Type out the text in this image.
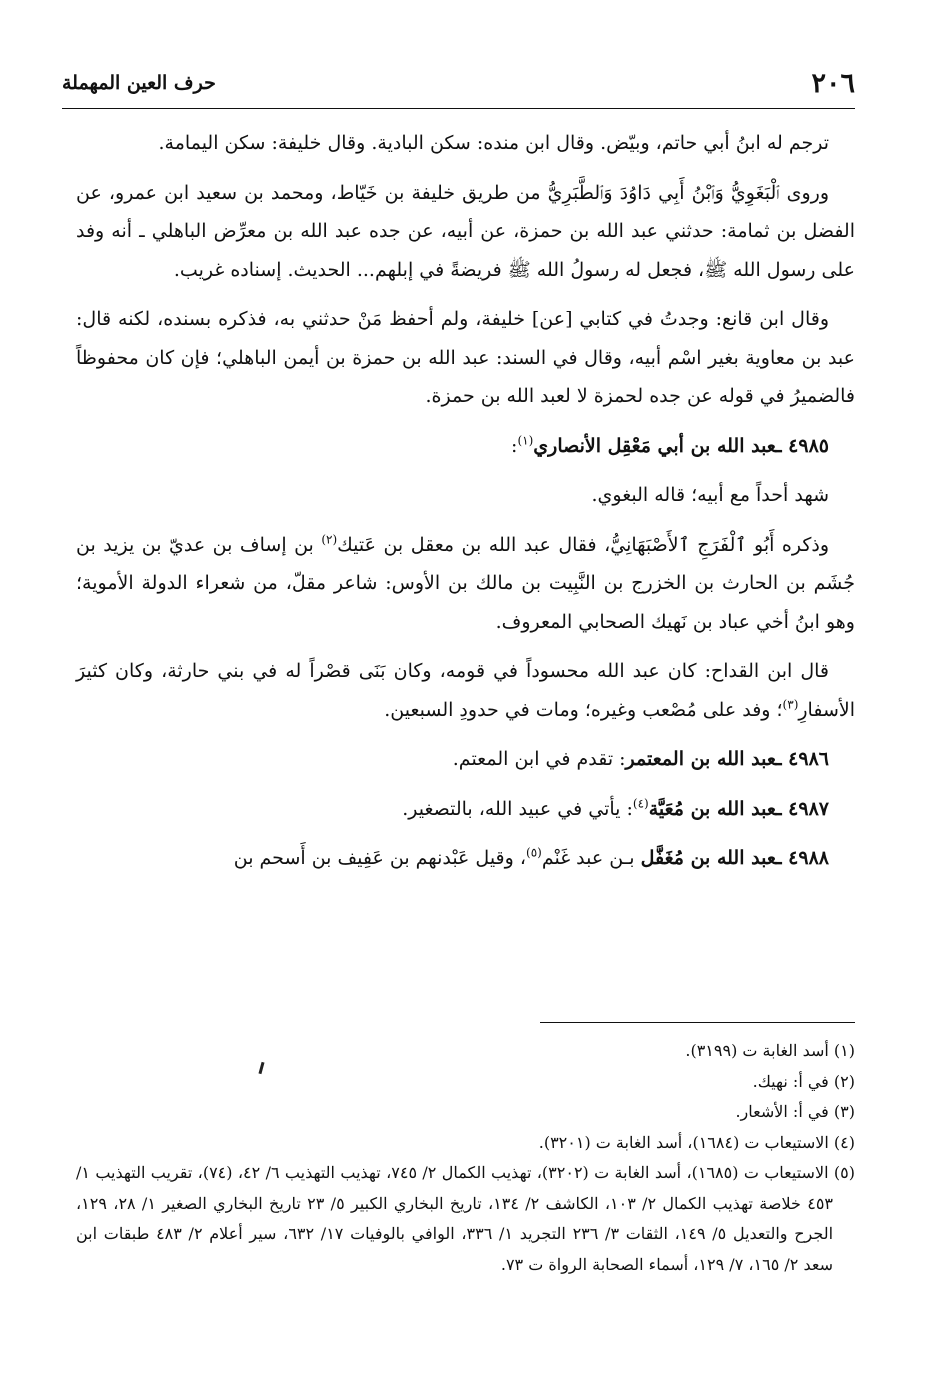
٢٠٦
حرف العين المهملة

ترجم له ابنُ أبي حاتم، وبيّض. وقال ابن منده: سكن البادية. وقال خليفة: سكن اليمامة.

وروى ٱلْبَغَوِيُّ وَٱبْنُ أَبِي دَاوُدَ وَٱلطَّبَرِيُّ من طريق خليفة بن خَيّاط، ومحمد بن سعيد ابن عمرو، عن الفضل بن ثمامة: حدثني عبد الله بن حمزة، عن أبيه، عن جده عبد الله بن معرِّض الباهلي ـ أنه وفد على رسول الله ﷺ، فجعل له رسولُ الله ﷺ فريضةً في إبلهم... الحديث. إسناده غريب.

وقال ابن قانع: وجدتُ في كتابي [عن] خليفة، ولم أحفظ مَنْ حدثني به، فذكره بسنده، لكنه قال: عبد بن معاوية بغير اسْم أبيه، وقال في السند: عبد الله بن حمزة بن أيمن الباهلي؛ فإن كان محفوظاً فالضميرُ في قوله عن جده لحمزة لا لعبد الله بن حمزة.

٤٩٨٥ ـعبد الله بن أبي مَعْقِل الأنصاري$^{(١)}$:

شهد أحداً مع أبيه؛ قاله البغوي.

وذكره أَبُو ٱلْفَرَجِ ٱلأَصْبَهَانِيُّ، فقال عبد الله بن معقل بن عَتيك$^{(٢)}$ بن إساف بن عديّ بن يزيد بن جُشَم بن الحارث بن الخزرج بن النَّبِيت بن مالك بن الأوس: شاعر مقلّ، من شعراء الدولة الأموية؛ وهو ابنُ أخي عباد بن نَهيك الصحابي المعروف.

قال ابن القداح: كان عبد الله محسوداً في قومه، وكان بَنَى قصْراً له في بني حارثة، وكان كثيرَ الأسفارِ$^{(٣)}$؛ وفد على مُصْعب وغيره؛ ومات في حدودِ السبعين.

٤٩٨٦ ـعبد الله بن المعتمر: تقدم في ابن المعتم.

٤٩٨٧ ـعبد الله بن مُعَيَّة$^{(٤)}$: يأتي في عبيد الله، بالتصغير.

٤٩٨٨ ـعبد الله بن مُغَفَّل بـن عبد غَنْم$^{(٥)}$، وقيل عَبْدنهم بن عَفِيف بن أَسحم بن

(١) أسد الغابة ت (٣١٩٩).

(٢) في أ: نهيك.

(٣) في أ: الأشعار.

(٤) الاستيعاب ت (١٦٨٤)، أسد الغابة ت (٣٢٠١).

(٥) الاستيعاب ت (١٦٨٥)، أسد الغابة ت (٣٢٠٢)، تهذيب الكمال ٢/ ٧٤٥، تهذيب التهذيب ٦/ ٤٢، (٧٤)، تقريب التهذيب ١/ ٤٥٣ خلاصة تهذيب الكمال ٢/ ١٠٣، الكاشف ٢/ ١٣٤، تاريخ البخاري الكبير ٥/ ٢٣ تاريخ البخاري الصغير ١/ ٢٨، ١٢٩، الجرح والتعديل ٥/ ١٤٩، الثقات ٣/ ٢٣٦ التجريد ١/ ٣٣٦، الوافي بالوفيات ١٧/ ٦٣٢، سير أعلام ٢/ ٤٨٣ طبقات ابن سعد ٢/ ١٦٥، ٧/ ١٢٩، أسماء الصحابة الرواة ت ٧٣.
